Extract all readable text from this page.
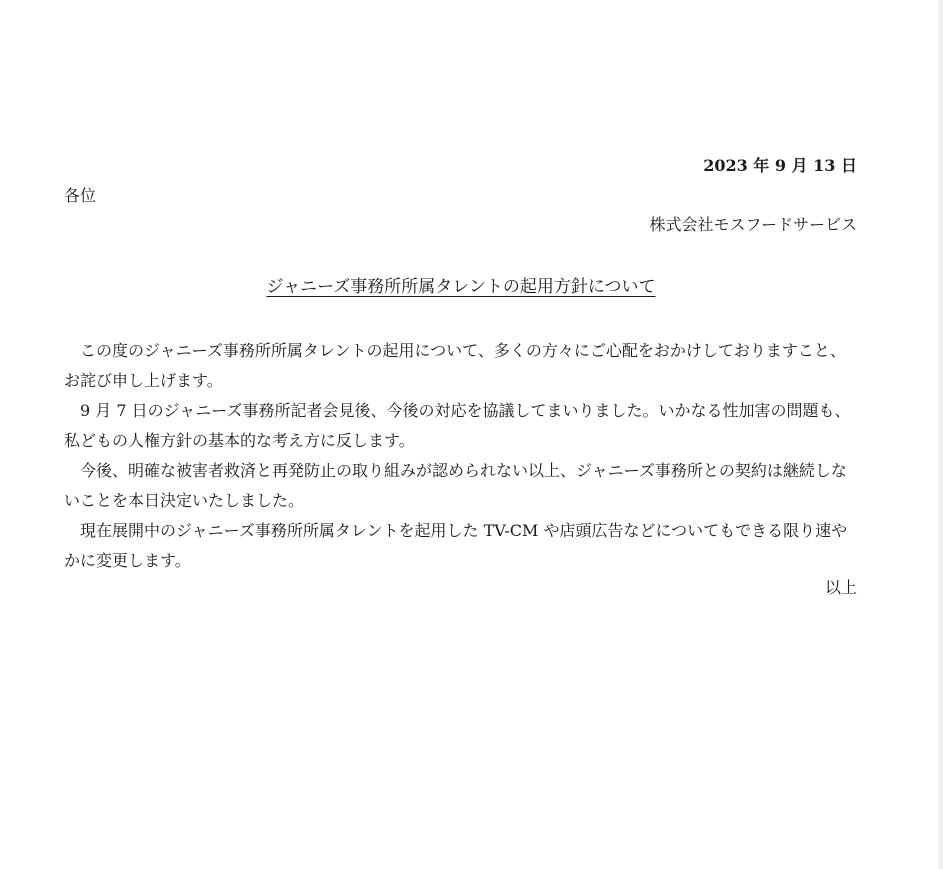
2023 年 9 月 13 日
各位
株式会社モスフードサービス
ジャニーズ事務所所属タレントの起用方針について

この度のジャニーズ事務所所属タレントの起用について、多くの方々にご心配をおかけしておりますこと、お詫び申し上げます。

9 月 7 日のジャニーズ事務所記者会見後、今後の対応を協議してまいりました。いかなる性加害の問題も、私どもの人権方針の基本的な考え方に反します。

今後、明確な被害者救済と再発防止の取り組みが認められない以上、ジャニーズ事務所との契約は継続しないことを本日決定いたしました。

現在展開中のジャニーズ事務所所属タレントを起用した TV-CM や店頭広告などについてもできる限り速やかに変更します。

以上
